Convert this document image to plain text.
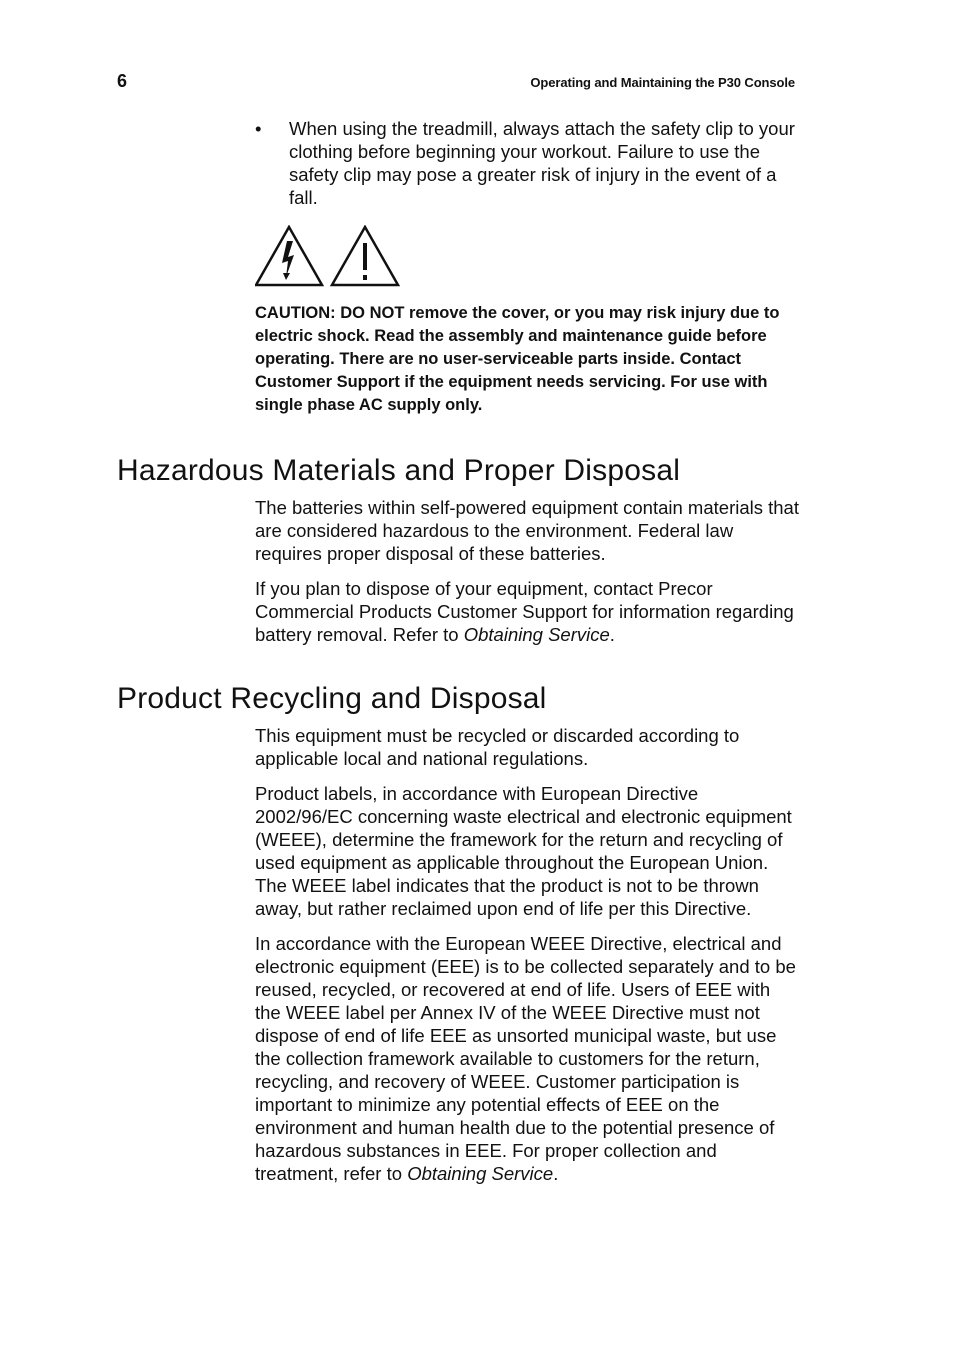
6	Operating and Maintaining the P30 Console
• When using the treadmill, always attach the safety clip to your clothing before beginning your workout. Failure to use the safety clip may pose a greater risk of injury in the event of a fall.
CAUTION: DO NOT remove the cover, or you may risk injury due to electric shock. Read the assembly and maintenance guide before operating. There are no user-serviceable parts inside. Contact Customer Support if the equipment needs servicing. For use with single phase AC supply only.
Hazardous Materials and Proper Disposal

The batteries within self-powered equipment contain materials that are considered hazardous to the environment. Federal law requires proper disposal of these batteries.

If you plan to dispose of your equipment, contact Precor Commercial Products Customer Support for information regarding battery removal. Refer to Obtaining Service.

Product Recycling and Disposal

This equipment must be recycled or discarded according to applicable local and national regulations.

Product labels, in accordance with European Directive 2002/96/EC concerning waste electrical and electronic equipment (WEEE), determine the framework for the return and recycling of used equipment as applicable throughout the European Union. The WEEE label indicates that the product is not to be thrown away, but rather reclaimed upon end of life per this Directive.

In accordance with the European WEEE Directive, electrical and electronic equipment (EEE) is to be collected separately and to be reused, recycled, or recovered at end of life. Users of EEE with the WEEE label per Annex IV of the WEEE Directive must not dispose of end of life EEE as unsorted municipal waste, but use the collection framework available to customers for the return, recycling, and recovery of WEEE. Customer participation is important to minimize any potential effects of EEE on the environment and human health due to the potential presence of hazardous substances in EEE. For proper collection and treatment, refer to Obtaining Service.
